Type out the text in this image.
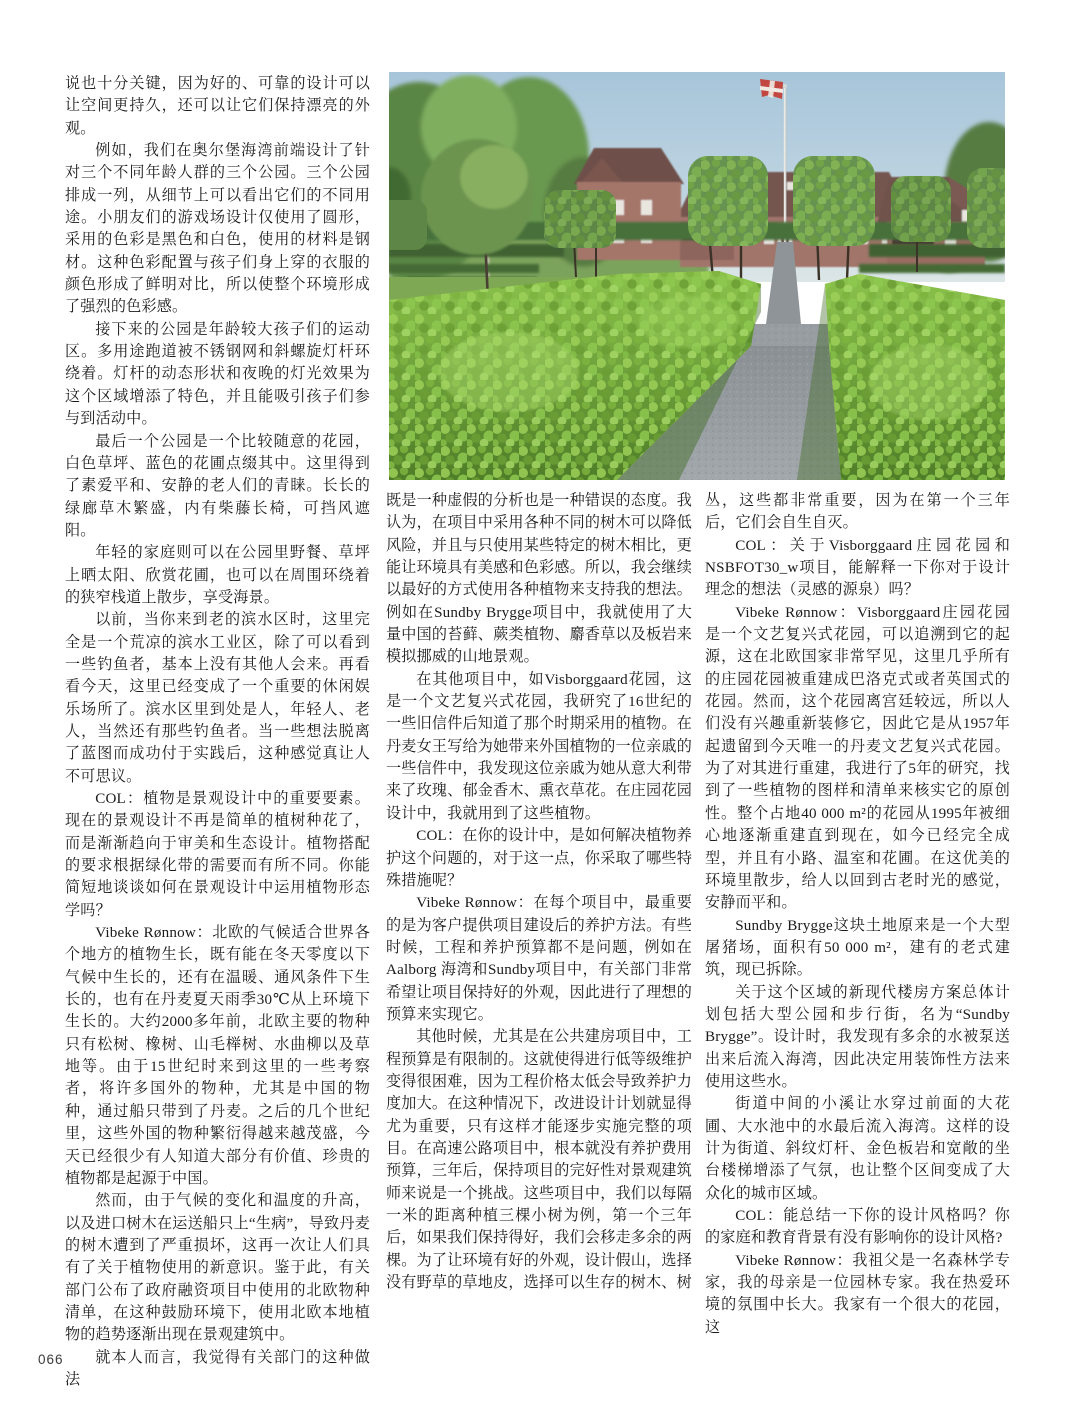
说也十分关键，因为好的、可靠的设计可以让空间更持久，还可以让它们保持漂亮的外观。

例如，我们在奥尔堡海湾前端设计了针对三个不同年龄人群的三个公园。三个公园排成一列，从细节上可以看出它们的不同用途。小朋友们的游戏场设计仅使用了圆形，采用的色彩是黑色和白色，使用的材料是钢材。这种色彩配置与孩子们身上穿的衣服的颜色形成了鲜明对比，所以使整个环境形成了强烈的色彩感。

接下来的公园是年龄较大孩子们的运动区。多用途跑道被不锈钢网和斜螺旋灯杆环绕着。灯杆的动态形状和夜晚的灯光效果为这个区域增添了特色，并且能吸引孩子们参与到活动中。

最后一个公园是一个比较随意的花园，白色草坪、蓝色的花圃点缀其中。这里得到了素爱平和、安静的老人们的青睐。长长的绿廊草木繁盛，内有柴藤长椅，可挡风遮阳。

年轻的家庭则可以在公园里野餐、草坪上晒太阳、欣赏花圃，也可以在周围环绕着的狭窄栈道上散步，享受海景。

以前，当你来到老的滨水区时，这里完全是一个荒凉的滨水工业区，除了可以看到一些钓鱼者，基本上没有其他人会来。再看看今天，这里已经变成了一个重要的休闲娱乐场所了。滨水区里到处是人，年轻人、老人，当然还有那些钓鱼者。当一些想法脱离了蓝图而成功付于实践后，这种感觉真让人不可思议。

COL：植物是景观设计中的重要要素。现在的景观设计不再是简单的植树种花了，而是渐渐趋向于审美和生态设计。植物搭配的要求根据绿化带的需要而有所不同。你能简短地谈谈如何在景观设计中运用植物形态学吗？

Vibeke Rønnow：北欧的气候适合世界各个地方的植物生长，既有能在冬天零度以下气候中生长的，还有在温暖、通风条件下生长的，也有在丹麦夏天雨季30℃从上环境下生长的。大约2000多年前，北欧主要的物种只有松树、橡树、山毛榉树、水曲柳以及草地等。由于15世纪时来到这里的一些考察者，将许多国外的物种，尤其是中国的物种，通过船只带到了丹麦。之后的几个世纪里，这些外国的物种繁衍得越来越茂盛，今天已经很少有人知道大部分有价值、珍贵的植物都是起源于中国。

然而，由于气候的变化和温度的升高，以及进口树木在运送船只上“生病”，导致丹麦的树木遭到了严重损坏，这再一次让人们具有了关于植物使用的新意识。鉴于此，有关部门公布了政府融资项目中使用的北欧物种清单，在这种鼓励环境下，使用北欧本地植物的趋势逐渐出现在景观建筑中。

就本人而言，我觉得有关部门的这种做法

既是一种虚假的分析也是一种错误的态度。我认为，在项目中采用各种不同的树木可以降低风险，并且与只使用某些特定的树木相比，更能让环境具有美感和色彩感。所以，我会继续以最好的方式使用各种植物来支持我的想法。例如在Sundby Brygge项目中，我就使用了大量中国的苔藓、蕨类植物、麝香草以及板岩来模拟挪威的山地景观。

在其他项目中，如Visborggaard花园，这是一个文艺复兴式花园，我研究了16世纪的一些旧信件后知道了那个时期采用的植物。在丹麦女王写给为她带来外国植物的一位亲戚的一些信件中，我发现这位亲戚为她从意大利带来了玫瑰、郁金香木、熏衣草花。在庄园花园设计中，我就用到了这些植物。

COL：在你的设计中，是如何解决植物养护这个问题的，对于这一点，你采取了哪些特殊措施呢？

Vibeke Rønnow：在每个项目中，最重要的是为客户提供项目建设后的养护方法。有些时候，工程和养护预算都不是问题，例如在Aalborg 海湾和Sundby项目中，有关部门非常希望让项目保持好的外观，因此进行了理想的预算来实现它。

其他时候，尤其是在公共建房项目中，工程预算是有限制的。这就使得进行低等级维护变得很困难，因为工程价格太低会导致养护力度加大。在这种情况下，改进设计计划就显得尤为重要，只有这样才能逐步实施完整的项目。在高速公路项目中，根本就没有养护费用预算，三年后，保持项目的完好性对景观建筑师来说是一个挑战。这些项目中，我们以每隔一米的距离种植三棵小树为例，第一个三年后，如果我们保持得好，我们会移走多余的两棵。为了让环境有好的外观，设计假山，选择没有野草的草地皮，选择可以生存的树木、树

丛，这些都非常重要，因为在第一个三年后，它们会自生自灭。

COL：关于Visborggaard庄园花园和NSBFOT30_w项目，能解释一下你对于设计理念的想法（灵感的源泉）吗？

Vibeke Rønnow：Visborggaard庄园花园是一个文艺复兴式花园，可以追溯到它的起源，这在北欧国家非常罕见，这里几乎所有的庄园花园被重建成巴洛克式或者英国式的花园。然而，这个花园离宫廷较远，所以人们没有兴趣重新装修它，因此它是从1957年起遗留到今天唯一的丹麦文艺复兴式花园。为了对其进行重建，我进行了5年的研究，找到了一些植物的图样和清单来核实它的原创性。整个占地40 000 m²的花园从1995年被细心地逐渐重建直到现在，如今已经完全成型，并且有小路、温室和花圃。在这优美的环境里散步，给人以回到古老时光的感觉，安静而平和。

Sundby Brygge这块土地原来是一个大型屠猪场，面积有50 000 m²，建有的老式建筑，现已拆除。

关于这个区域的新现代楼房方案总体计划包括大型公园和步行街，名为“Sundby Brygge”。设计时，我发现有多余的水被泵送出来后流入海湾，因此决定用装饰性方法来使用这些水。

街道中间的小溪让水穿过前面的大花圃、大水池中的水最后流入海湾。这样的设计为街道、斜纹灯杆、金色板岩和宽敞的坐台楼梯增添了气氛，也让整个区间变成了大众化的城市区域。

COL：能总结一下你的设计风格吗？你的家庭和教育背景有没有影响你的设计风格?

Vibeke Rønnow：我祖父是一名森林学专家，我的母亲是一位园林专家。我在热爱环境的氛围中长大。我家有一个很大的花园，这

066
